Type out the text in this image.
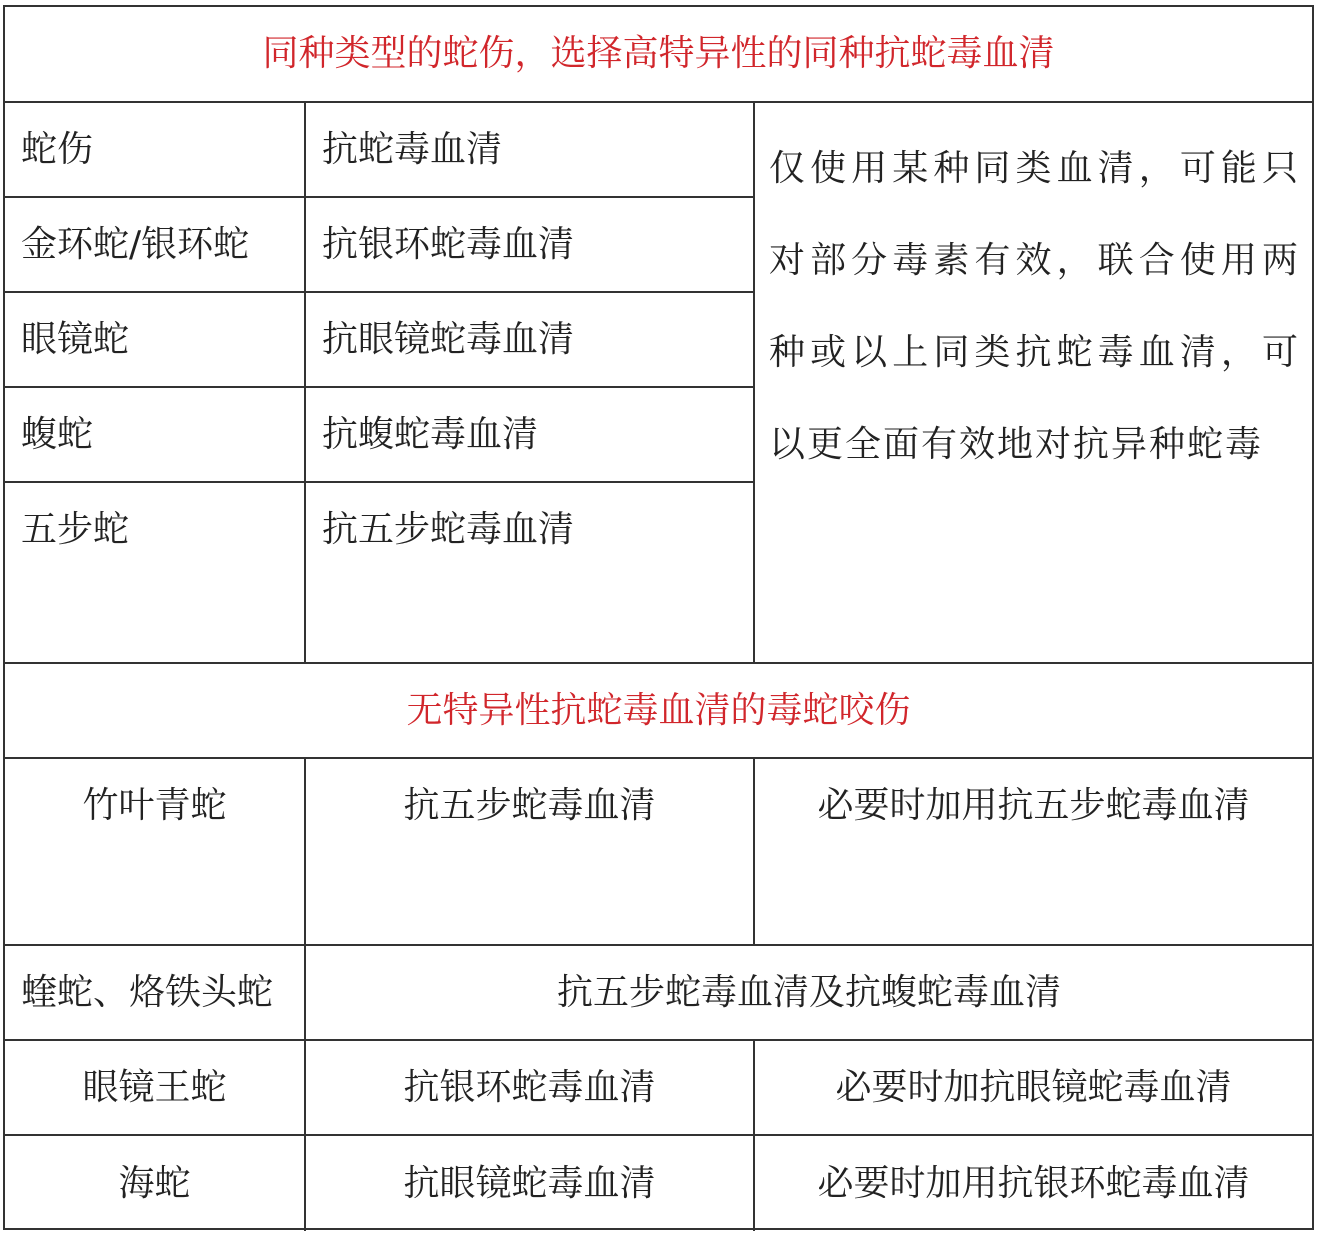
同种类型的蛇伤，选择高特异性的同种抗蛇毒血清		
蛇伤	抗蛇毒血清	仅使用某种同类血清，可能只对部分毒素有效，联合使用两种或以上同类抗蛇毒血清，可以更全面有效地对抗异种蛇毒
金环蛇/银环蛇	抗银环蛇毒血清	
眼镜蛇	抗眼镜蛇毒血清	
蝮蛇	抗蝮蛇毒血清	
五步蛇	抗五步蛇毒血清	
无特异性抗蛇毒血清的毒蛇咬伤		
竹叶青蛇	抗五步蛇毒血清	必要时加用抗五步蛇毒血清
蝰蛇、烙铁头蛇	抗五步蛇毒血清及抗蝮蛇毒血清	
眼镜王蛇	抗银环蛇毒血清	必要时加抗眼镜蛇毒血清
海蛇	抗眼镜蛇毒血清	必要时加用抗银环蛇毒血清
